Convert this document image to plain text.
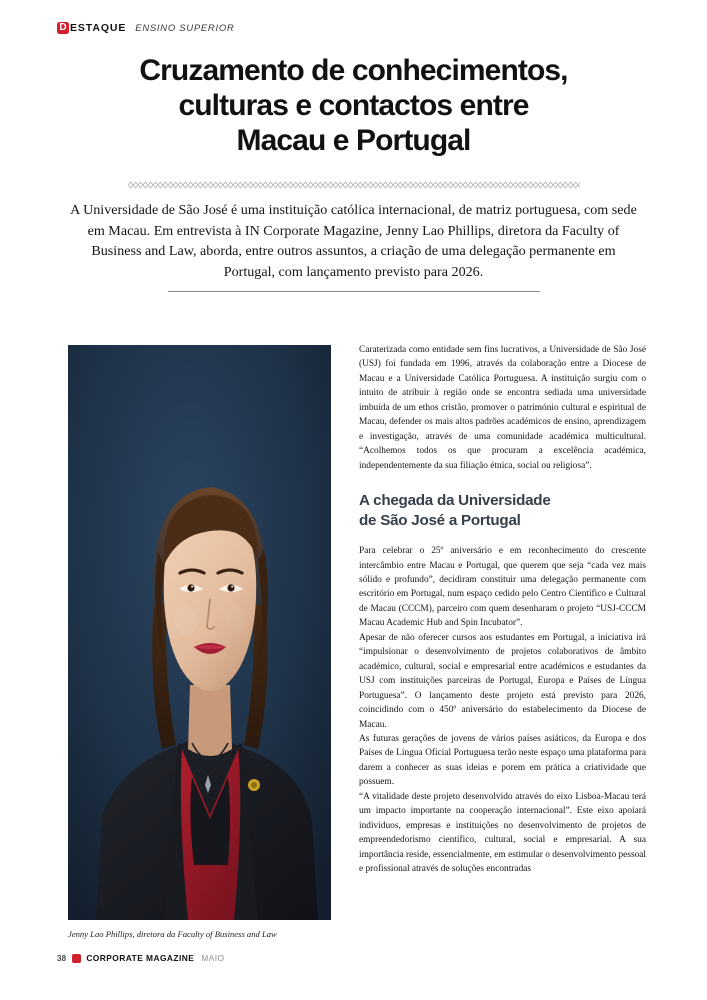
D ESTAQUE ENSINO SUPERIOR
Cruzamento de conhecimentos,
culturas e contactos entre
Macau e Portugal

A Universidade de São José é uma instituição católica internacional, de matriz portuguesa, com sede em Macau. Em entrevista à IN Corporate Magazine, Jenny Lao Phillips, diretora da Faculty of Business and Law, aborda, entre outros assuntos, a criação de uma delegação permanente em Portugal, com lançamento previsto para 2026.

Jenny Lao Phillips, diretora da Faculty of Business and Law

Caraterizada como entidade sem fins lucrativos, a Universidade de São José (USJ) foi fundada em 1996, através da colaboração entre a Diocese de Macau e a Universidade Católica Portuguesa. A instituição surgiu com o intuito de atribuir à região onde se encontra sediada uma universidade imbuída de um ethos cristão, promover o património cultural e espiritual de Macau, defender os mais altos padrões académicos de ensino, aprendizagem e investigação, através de uma comunidade académica multicultural. “Acolhemos todos os que procuram a excelência académica, independentemente da sua filiação étnica, social ou religiosa”.

A chegada da Universidade
de São José a Portugal

Para celebrar o 25º aniversário e em reconhecimento do crescente intercâmbio entre Macau e Portugal, que querem que seja “cada vez mais sólido e profundo”, decidiram constituir uma delegação permanente com escritório em Portugal, num espaço cedido pelo Centro Científico e Cultural de Macau (CCCM), parceiro com quem desenharam o projeto “USJ-CCCM Macau Academic Hub and Spin Incubator”.

Apesar de não oferecer cursos aos estudantes em Portugal, a iniciativa irá “impulsionar o desenvolvimento de projetos colaborativos de âmbito académico, cultural, social e empresarial entre académicos e estudantes da USJ com instituições parceiras de Portugal, Europa e Países de Língua Portuguesa”. O lançamento deste projeto está previsto para 2026, coincidindo com o 450º aniversário do estabelecimento da Diocese de Macau.

As futuras gerações de jovens de vários países asiáticos, da Europa e dos Países de Língua Oficial Portuguesa terão neste espaço uma plataforma para darem a conhecer as suas ideias e porem em prática a criatividade que possuem.

“A vitalidade deste projeto desenvolvido através do eixo Lisboa-Macau terá um impacto importante na cooperação internacional”. Este eixo apoiará indivíduos, empresas e instituições no desenvolvimento de projetos de empreendedorismo científico, cultural, social e empresarial. A sua importância reside, essencialmente, em estimular o desenvolvimento pessoal e profissional através de soluções encontradas

38 CORPORATE MAGAZINE MAIO
